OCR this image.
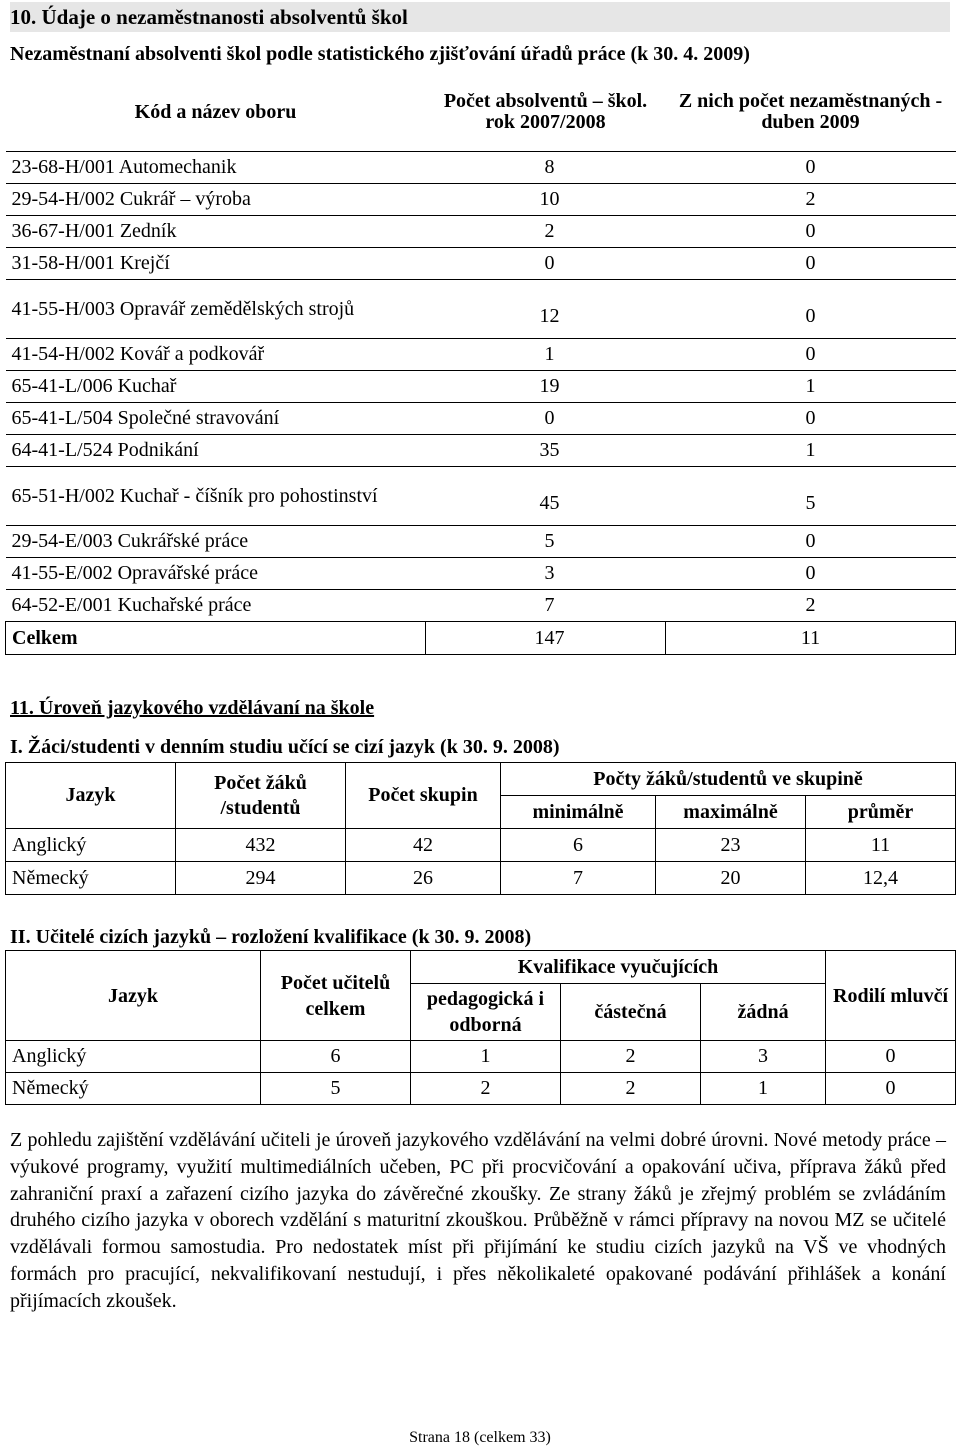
10. Údaje o nezaměstnanosti absolventů škol

Nezaměstnaní absolventi škol podle statistického zjišťování úřadů práce (k 30. 4. 2009)

Kód a název oboru	Počet absolventů – škol. rok 2007/2008	Z nich počet nezaměstnaných - duben 2009
23-68-H/001 Automechanik	8	0
29-54-H/002 Cukrář – výroba	10	2
36-67-H/001 Zedník	2	0
31-58-H/001 Krejčí	0	0
41-55-H/003 Opravář zemědělských strojů	12	0
41-54-H/002 Kovář a podkovář	1	0
65-41-L/006 Kuchař	19	1
65-41-L/504 Společné stravování	0	0
64-41-L/524 Podnikání	35	1
65-51-H/002 Kuchař - číšník pro pohostinství	45	5
29-54-E/003 Cukrářské práce	5	0
41-55-E/002 Opravářské práce	3	0
64-52-E/001 Kuchařské práce	7	2
Celkem	147	11
11. Úroveň jazykového vzdělávaní na škole

I. Žáci/studenti v denním studiu učící se cizí jazyk (k 30. 9. 2008)

Jazyk	Počet žáků /studentů	Počet skupin	Počty žáků/studentů ve skupině		
			minimálně	maximálně	průměr
Anglický	432	42	6	23	11
Německý	294	26	7	20	12,4

II. Učitelé cizích jazyků – rozložení kvalifikace (k 30. 9. 2008)

Jazyk	Počet učitelů celkem	Kvalifikace vyučujících			Rodilí mluvčí
		pedagogická i odborná	částečná	žádná	
Anglický	6	1	2	3	0
Německý	5	2	2	1	0

Z pohledu zajištění vzdělávání učiteli je úroveň jazykového vzdělávání na velmi dobré úrovni. Nové metody práce – výukové programy, využití multimediálních učeben, PC při procvičování a opakování učiva, příprava žáků před zahraniční praxí a zařazení cizího jazyka do závěrečné zkoušky. Ze strany žáků je zřejmý problém se zvládáním druhého cizího jazyka v oborech vzdělání s maturitní zkouškou. Průběžně v rámci přípravy na novou MZ se učitelé vzdělávali formou samostudia. Pro nedostatek míst při přijímání ke studiu cizích jazyků na VŠ ve vhodných formách pro pracující, nekvalifikovaní nestudují, i přes několikaleté opakované podávání přihlášek a konání přijímacích zkoušek.

Strana 18 (celkem 33)
